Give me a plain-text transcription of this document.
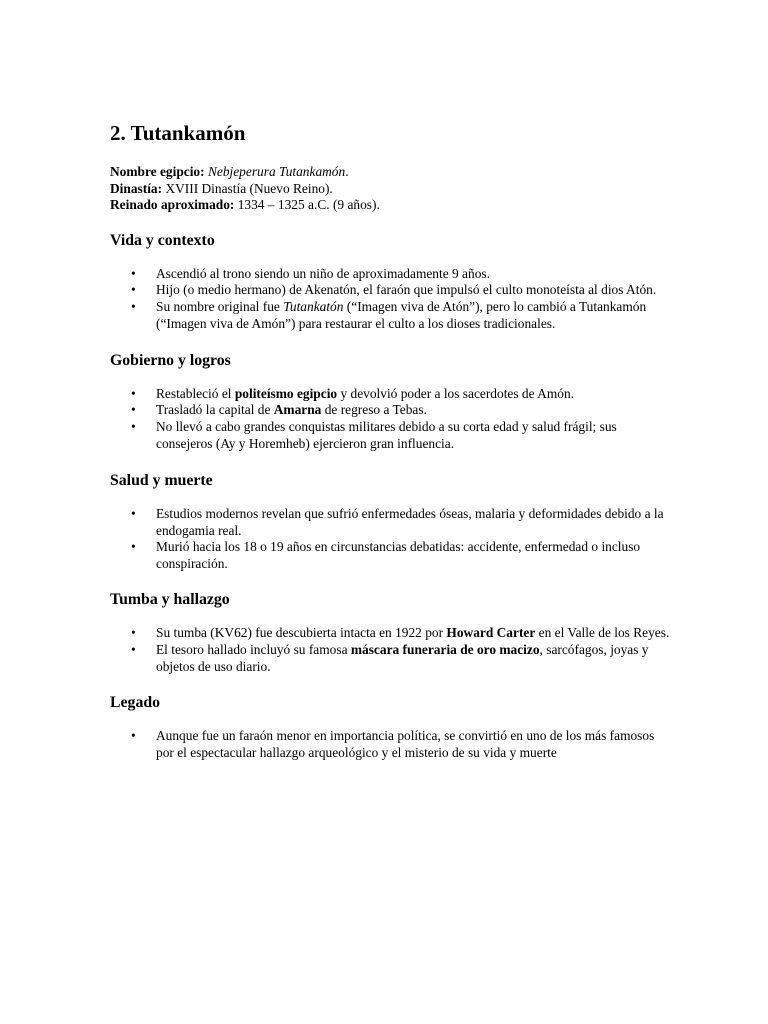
2. Tutankamón

Nombre egipcio: Nebjeperura Tutankamón.

Dinastía: XVIII Dinastía (Nuevo Reino).

Reinado aproximado: 1334 – 1325 a.C. (9 años).

Vida y contexto
• Ascendió al trono siendo un niño de aproximadamente 9 años.
• Hijo (o medio hermano) de Akenatón, el faraón que impulsó el culto monoteísta al dios Atón.
• Su nombre original fue Tutankatón (“Imagen viva de Atón”), pero lo cambió a Tutankamón (“Imagen viva de Amón”) para restaurar el culto a los dioses tradicionales.
Gobierno y logros
• Restableció el politeísmo egipcio y devolvió poder a los sacerdotes de Amón.
• Trasladó la capital de Amarna de regreso a Tebas.
• No llevó a cabo grandes conquistas militares debido a su corta edad y salud frágil; sus consejeros (Ay y Horemheb) ejercieron gran influencia.
Salud y muerte
• Estudios modernos revelan que sufrió enfermedades óseas, malaria y deformidades debido a la endogamia real.
• Murió hacia los 18 o 19 años en circunstancias debatidas: accidente, enfermedad o incluso conspiración.
Tumba y hallazgo
• Su tumba (KV62) fue descubierta intacta en 1922 por Howard Carter en el Valle de los Reyes.
• El tesoro hallado incluyó su famosa máscara funeraria de oro macizo, sarcófagos, joyas y objetos de uso diario.
Legado
• Aunque fue un faraón menor en importancia política, se convirtió en uno de los más famosos por el espectacular hallazgo arqueológico y el misterio de su vida y muerte
